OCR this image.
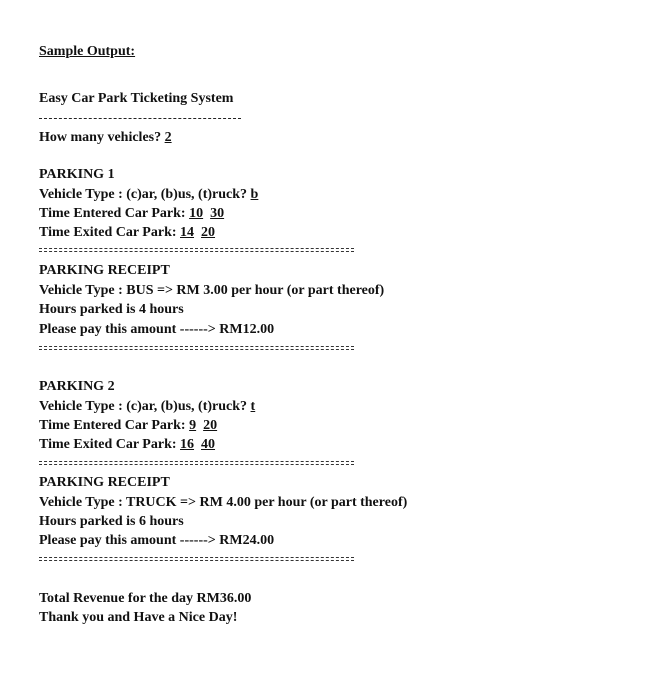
Sample Output:
Easy Car Park Ticketing System
How many vehicles? 2
PARKING 1
Vehicle Type : (c)ar, (b)us, (t)ruck? b
Time Entered Car Park: 10 30
Time Exited Car Park: 14 20
PARKING RECEIPT
Vehicle Type : BUS => RM 3.00 per hour (or part thereof)
Hours parked is 4 hours
Please pay this amount ------> RM12.00
PARKING 2
Vehicle Type : (c)ar, (b)us, (t)ruck? t
Time Entered Car Park: 9 20
Time Exited Car Park: 16 40
PARKING RECEIPT
Vehicle Type : TRUCK => RM 4.00 per hour (or part thereof)
Hours parked is 6 hours
Please pay this amount ------> RM24.00
Total Revenue for the day RM36.00
Thank you and Have a Nice Day!
